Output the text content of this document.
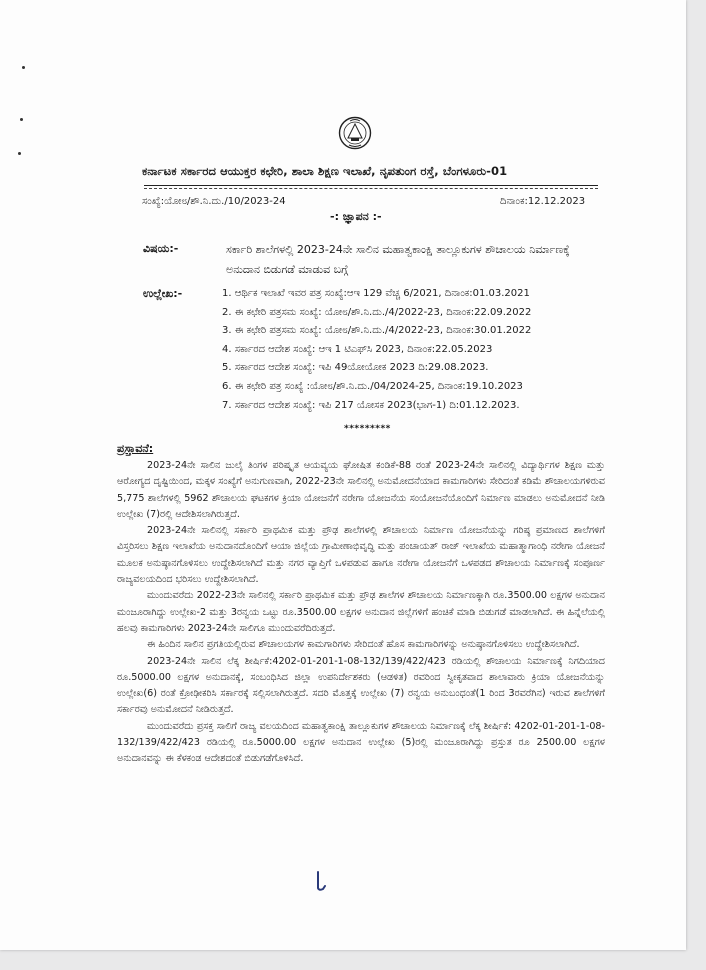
ಕರ್ನಾಟಕ ಸರ್ಕಾರದ ಆಯುಕ್ತರ ಕಛೇರಿ, ಶಾಲಾ ಶಿಕ್ಷಣ ಇಲಾಖೆ, ನೃಪತುಂಗ ರಸ್ತೆ, ಬೆಂಗಳೂರು-01
ಸಂಖ್ಯೆ:ಯೋ೮/ಶೌ.ನಿ.ದು./10/2023-24	ದಿನಾಂಕ:12.12.2023
-: ಜ್ಞಾಪನ :-
ವಿಷಯ:-	ಸರ್ಕಾರಿ ಶಾಲೆಗಳಲ್ಲಿ 2023-24ನೇ ಸಾಲಿನ ಮಹಾತ್ವಕಾಂಕ್ಷಿ ತಾಲ್ಲೂಕುಗಳ ಶೌಚಾಲಯ ನಿರ್ಮಾಣಕ್ಕೆ ಅನುದಾನ ಬಿಡುಗಡೆ ಮಾಡುವ ಬಗ್ಗೆ
ಉಲ್ಲೇಖ:-	1. ಆರ್ಥಿಕ ಇಲಾಖೆ ಇವರ ಪತ್ರ ಸಂಖ್ಯೆ:ಆಇ 129 ವೆಚ್ಚ 6/2021, ದಿನಾಂಕ:01.03.2021
2. ಈ ಕಛೇರಿ ಪತ್ರಸಮ ಸಂಖ್ಯೆ: ಯೋ೮/ಶೌ.ನಿ.ದು./4/2022-23, ದಿನಾಂಕ:22.09.2022
3. ಈ ಕಛೇರಿ ಪತ್ರಸಮ ಸಂಖ್ಯೆ: ಯೋ೮/ಶೌ.ನಿ.ದು./4/2022-23, ದಿನಾಂಕ:30.01.2022
4. ಸರ್ಕಾರದ ಆದೇಶ ಸಂಖ್ಯೆ: ಆಇ 1 ಟಿಎಫ್‌ಸಿ 2023, ದಿನಾಂಕ:22.05.2023
5. ಸರ್ಕಾರದ ಆದೇಶ ಸಂಖ್ಯೆ: ಇಪಿ 49ಯೋಯೋಕ 2023 ದಿ:29.08.2023.
6. ಈ ಕಛೇರಿ ಪತ್ರ ಸಂಖ್ಯೆ :ಯೋ೮/ಶೌ.ನಿ.ದು./04/2024-25, ದಿನಾಂಕ:19.10.2023
7. ಸರ್ಕಾರದ ಆದೇಶ ಸಂಖ್ಯೆ: ಇಪಿ 217 ಯೋಸಕ 2023(ಭಾಗ-1) ದಿ:01.12.2023.
*********
ಪ್ರಸ್ತಾವನೆ:

2023-24ನೇ ಸಾಲಿನ ಜುಲೈ ತಿಂಗಳ ಪರಿಷ್ಕೃತ ಆಯವ್ಯಯ ಘೋಷಿತ ಕಂಡಿಕೆ-88 ರಂತೆ 2023-24ನೇ ಸಾಲಿನಲ್ಲಿ ವಿದ್ಯಾರ್ಥಿಗಳ ಶಿಕ್ಷಣ ಮತ್ತು ಆರೋಗ್ಯದ ದೃಷ್ಟಿಯಿಂದ, ಮಕ್ಕಳ ಸಂಖ್ಯೆಗೆ ಅನುಗುಣವಾಗಿ, 2022-23ನೇ ಸಾಲಿನಲ್ಲಿ ಅನುಮೋದನೆಯಾದ ಕಾಮಗಾರಿಗಳು ಸೇರಿದಂತೆ ಕಡಿಮೆ ಶೌಚಾಲಯಗಳಿರುವ 5,775 ಶಾಲೆಗಳಲ್ಲಿ 5962 ಶೌಚಾಲಯ ಘಟಕಗಳ ಕ್ರಿಯಾ ಯೋಜನೆಗೆ ನರೇಗಾ ಯೋಜನೆಯ ಸಂಯೋಜನೆಯೊಂದಿಗೆ ನಿರ್ಮಾಣ ಮಾಡಲು ಅನುಮೋದನೆ ನೀಡಿ ಉಲ್ಲೇಖ (7)ರಲ್ಲಿ ಆದೇಶಿಸಲಾಗಿರುತ್ತದೆ.

2023-24ನೇ ಸಾಲಿನಲ್ಲಿ ಸರ್ಕಾರಿ ಪ್ರಾಥಮಿಕ ಮತ್ತು ಪ್ರೌಢ ಶಾಲೆಗಳಲ್ಲಿ ಶೌಚಾಲಯ ನಿರ್ಮಾಣ ಯೋಜನೆಯನ್ನು ಗರಿಷ್ಠ ಪ್ರಮಾಣದ ಶಾಲೆಗಳಿಗೆ ವಿಸ್ತರಿಸಲು ಶಿಕ್ಷಣ ಇಲಾಖೆಯ ಅನುದಾನದೊಂದಿಗೆ ಆಯಾ ಜಿಲ್ಲೆಯ ಗ್ರಾಮೀಣಾಭಿವೃದ್ಧಿ ಮತ್ತು ಪಂಚಾಯತ್ ರಾಜ್ ಇಲಾಖೆಯ ಮಹಾತ್ಮಾಗಾಂಧಿ ನರೇಗಾ ಯೋಜನೆ ಮೂಲಕ ಅನುಷ್ಠಾನಗೊಳಿಸಲು ಉದ್ದೇಶಿಸಲಾಗಿದೆ ಮತ್ತು ನಗರ ವ್ಯಾಪ್ತಿಗೆ ಒಳಪಡುವ ಹಾಗೂ ನರೇಗಾ ಯೋಜನೆಗೆ ಒಳಪಡದ ಶೌಚಾಲಯ ನಿರ್ಮಾಣಕ್ಕೆ ಸಂಪೂರ್ಣ ರಾಜ್ಯವಲಯದಿಂದ ಭರಿಸಲು ಉದ್ದೇಶಿಸಲಾಗಿದೆ.

ಮುಂದುವರೆದು 2022-23ನೇ ಸಾಲಿನಲ್ಲಿ ಸರ್ಕಾರಿ ಪ್ರಾಥಮಿಕ ಮತ್ತು ಪ್ರೌಢ ಶಾಲೆಗಳ ಶೌಚಾಲಯ ನಿರ್ಮಾಣಕ್ಕಾಗಿ ರೂ.3500.00 ಲಕ್ಷಗಳ ಅನುದಾನ ಮಂಜೂರಾಗಿದ್ದು ಉಲ್ಲೇಖ-2 ಮತ್ತು 3ರನ್ವಯ ಒಟ್ಟು ರೂ.3500.00 ಲಕ್ಷಗಳ ಅನುದಾನ ಜಿಲ್ಲೆಗಳಿಗೆ ಹಂಚಿಕೆ ಮಾಡಿ ಬಿಡುಗಡೆ ಮಾಡಲಾಗಿದೆ. ಈ ಹಿನ್ನೆಲೆಯಲ್ಲಿ ಹಲವು ಕಾಮಗಾರಿಗಳು 2023-24ನೇ ಸಾಲಿಗೂ ಮುಂದುವರೆದಿರುತ್ತದೆ.

ಈ ಹಿಂದಿನ ಸಾಲಿನ ಪ್ರಗತಿಯಲ್ಲಿರುವ ಶೌಚಾಲಯಗಳ ಕಾಮಗಾರಿಗಳು ಸೇರಿದಂತೆ ಹೊಸ ಕಾಮಗಾರಿಗಳನ್ನು ಅನುಷ್ಠಾನಗೊಳಿಸಲು ಉದ್ದೇಶಿಸಲಾಗಿದೆ.

2023-24ನೇ ಸಾಲಿನ ಲೆಕ್ಕ ಶೀರ್ಷಿಕೆ:4202-01-201-1-08-132/139/422/423 ರಡಿಯಲ್ಲಿ ಶೌಚಾಲಯ ನಿರ್ಮಾಣಕ್ಕೆ ನಿಗದಿಯಾದ ರೂ.5000.00 ಲಕ್ಷಗಳ ಅನುದಾನಕ್ಕೆ, ಸಂಬಂಧಿಸಿದ ಜಿಲ್ಲಾ ಉಪನಿರ್ದೇಶಕರು (ಆಡಳಿತ) ರವರಿಂದ ಸ್ವೀಕೃತವಾದ ಶಾಲಾವಾರು ಕ್ರಿಯಾ ಯೋಜನೆಯನ್ನು ಉಲ್ಲೇಖ(6) ರಂತೆ ಕ್ರೋಢೀಕರಿಸಿ ಸರ್ಕಾರಕ್ಕೆ ಸಲ್ಲಿಸಲಾಗಿರುತ್ತದೆ. ಸದರಿ ಮೊತ್ತಕ್ಕೆ ಉಲ್ಲೇಖ (7) ರನ್ವಯ ಅನುಬಂಧಂತೆ(1 ರಿಂದ 3ರವರೆಗಿನ) ಇರುವ ಶಾಲೆಗಳಿಗೆ ಸರ್ಕಾರವು ಅನುಮೋದನೆ ನೀಡಿರುತ್ತದೆ.

ಮುಂದುವರೆದು ಪ್ರಸಕ್ತ ಸಾಲಿಗೆ ರಾಜ್ಯ ವಲಯದಿಂದ ಮಹಾತ್ವಕಾಂಕ್ಷಿ ತಾಲ್ಲೂಕುಗಳ ಶೌಚಾಲಯ ನಿರ್ಮಾಣಕ್ಕೆ ಲೆಕ್ಕ ಶೀರ್ಷಿಕೆ: 4202-01-201-1-08-132/139/422/423 ರಡಿಯಲ್ಲಿ ರೂ.5000.00 ಲಕ್ಷಗಳ ಅನುದಾನ ಉಲ್ಲೇಖ (5)ರಲ್ಲಿ ಮಂಜೂರಾಗಿದ್ದು ಪ್ರಸ್ತುತ ರೂ 2500.00 ಲಕ್ಷಗಳ ಅನುದಾನವನ್ನು ಈ ಕೆಳಕಂಡ ಆದೇಶದಂತೆ ಬಿಡುಗಡೆಗೊಳಿಸಿದೆ.
